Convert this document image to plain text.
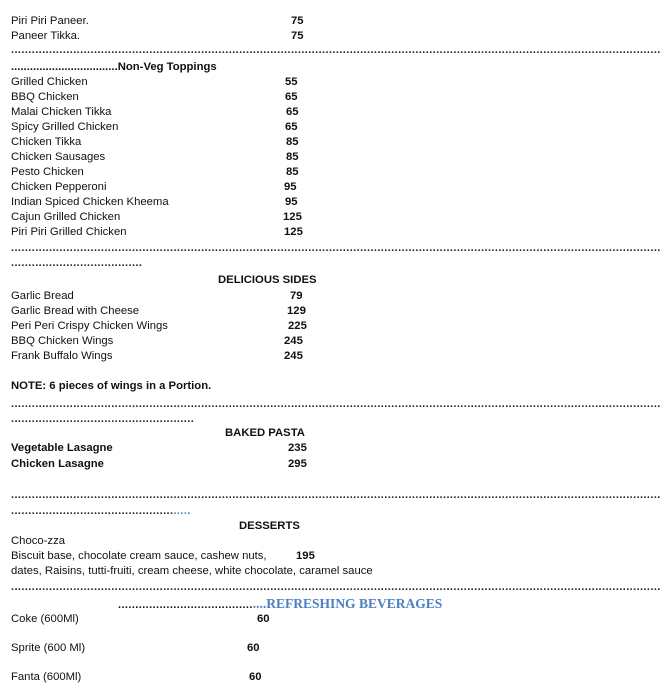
Piri Piri Paneer.	75
Paneer Tikka.	75
............................................................................................................................................................................................
..................................Non-Veg Toppings
Grilled Chicken	55
BBQ Chicken	65
Malai Chicken Tikka	65
Spicy Grilled Chicken	65
Chicken Tikka	85
Chicken Sausages	85
Pesto Chicken	85
Chicken Pepperoni	95
Indian Spiced Chicken Kheema	95
Cajun Grilled Chicken	125
Piri Piri Grilled Chicken	125
............................................................................................................................................................................................
......................................
DELICIOUS SIDES
Garlic Bread	79
Garlic Bread with Cheese	129
Peri Peri Crispy Chicken Wings	225
BBQ Chicken Wings	245
Frank Buffalo Wings	245
NOTE: 6 pieces of wings in a Portion.
............................................................................................................................................................................................
.....................................................
BAKED PASTA
Vegetable Lasagne	235
Chicken Lasagne	295
............................................................................................................................................................................................
....................................................
DESSERTS
Choco-zza
Biscuit base, chocolate cream sauce, cashew nuts,	195
dates, Raisins, tutti-fruiti, cream cheese, white chocolate, caramel sauce
............................................................................................................................................................................................
...........................................REFRESHING BEVERAGES
Coke (600Ml)	60
Sprite (600 Ml)	60
Fanta (600Ml)	60
